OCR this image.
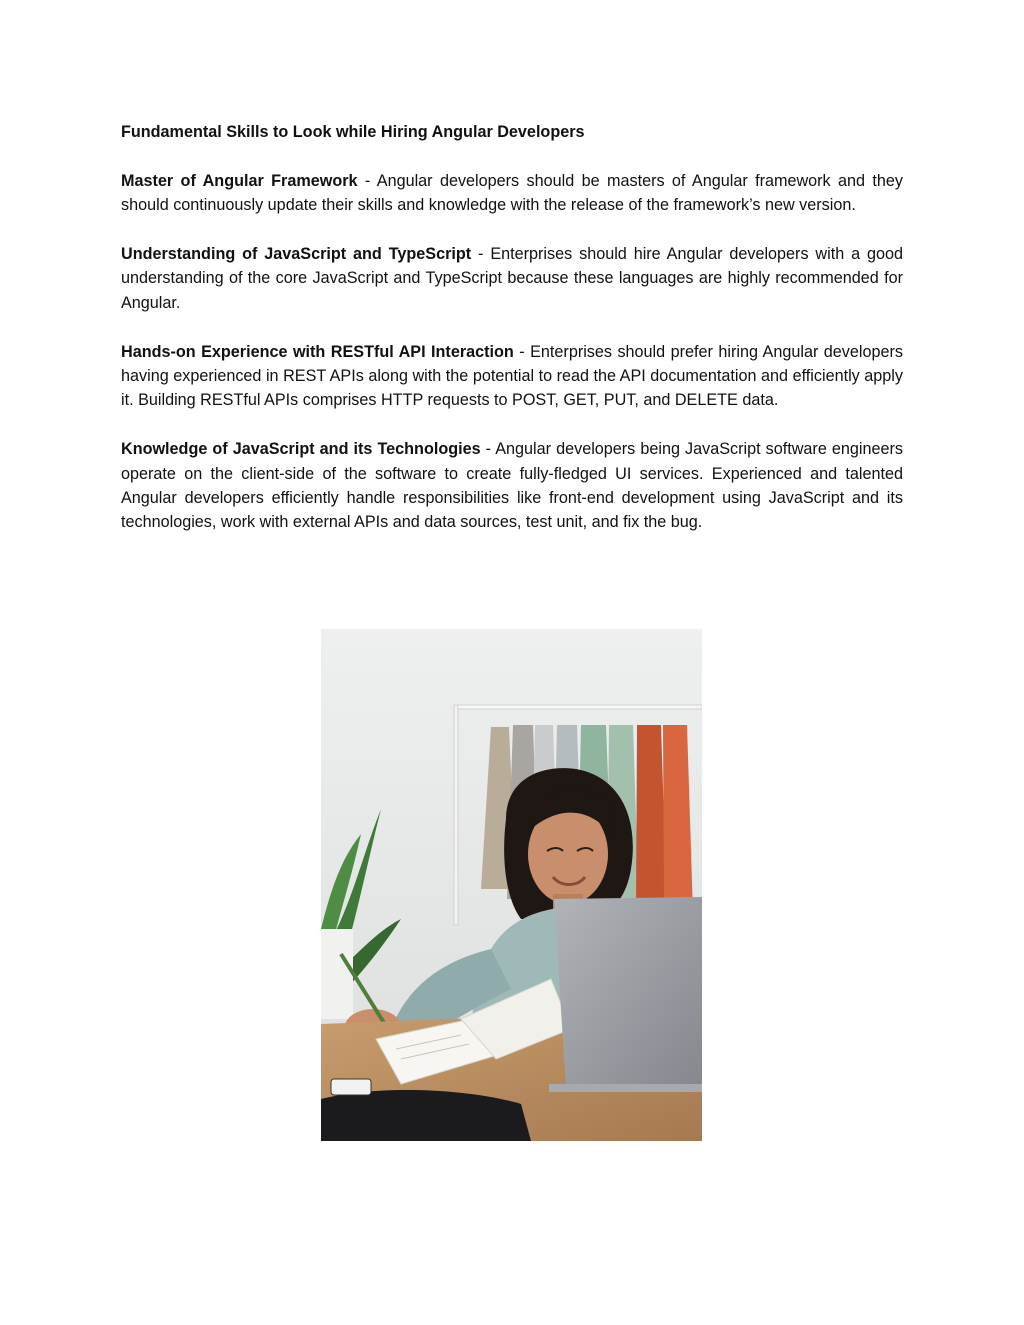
Fundamental Skills to Look while Hiring Angular Developers

Master of Angular Framework - Angular developers should be masters of Angular framework and they should continuously update their skills and knowledge with the release of the framework’s new version.

Understanding of JavaScript and TypeScript - Enterprises should hire Angular developers with a good understanding of the core JavaScript and TypeScript because these languages are highly recommended for Angular.

Hands-on Experience with RESTful API Interaction - Enterprises should prefer hiring Angular developers having experienced in REST APIs along with the potential to read the API documentation and efficiently apply it. Building RESTful APIs comprises HTTP requests to POST, GET, PUT, and DELETE data.

Knowledge of JavaScript and its Technologies - Angular developers being JavaScript software engineers operate on the client-side of the software to create fully-fledged UI services. Experienced and talented Angular developers efficiently handle responsibilities like front-end development using JavaScript and its technologies, work with external APIs and data sources, test unit, and fix the bug.
